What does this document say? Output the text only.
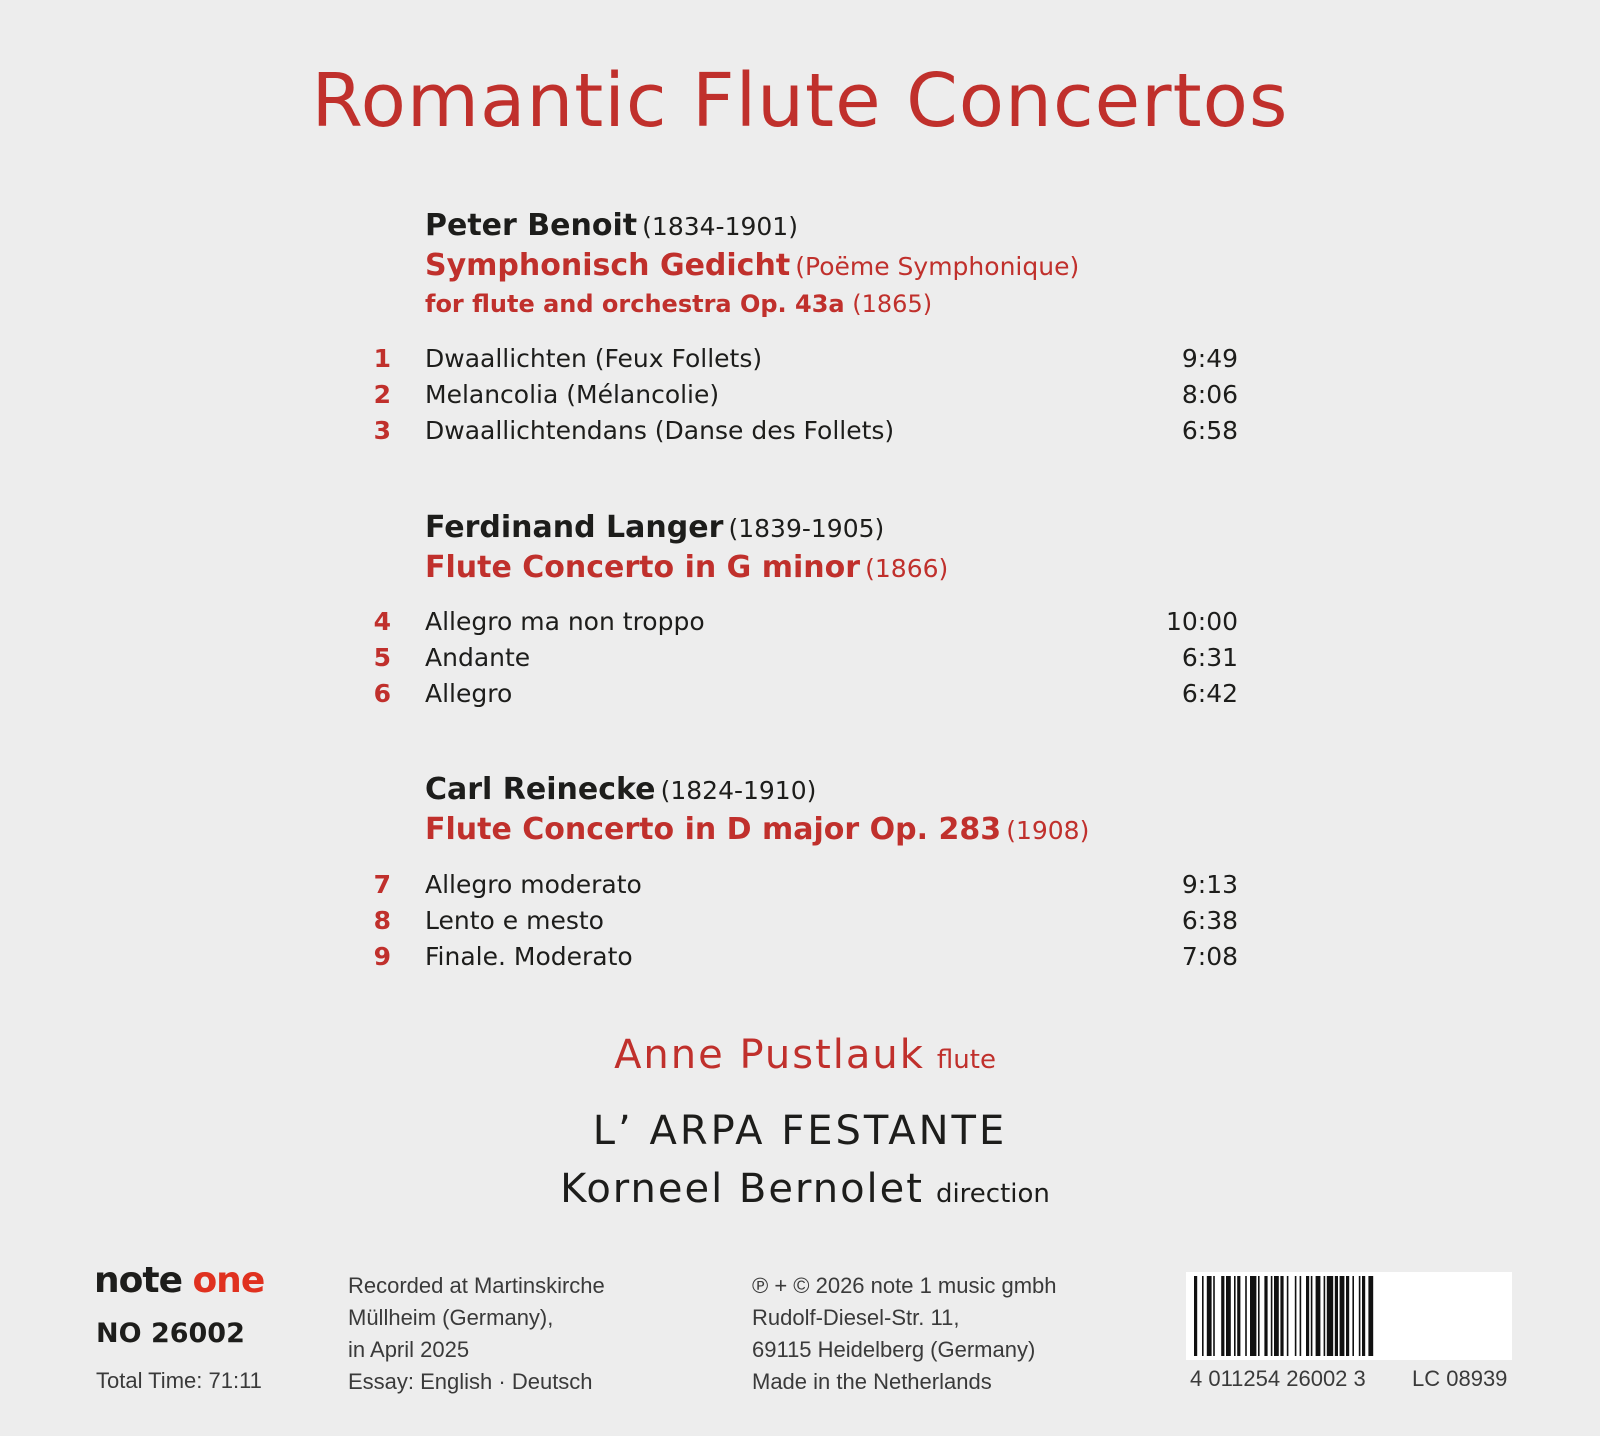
Romantic Flute Concertos
Peter Benoit (1834-1901)
Symphonisch Gedicht (Poëme Symphonique)
for flute and orchestra Op. 43a (1865)
1 Dwaallichten (Feux Follets)	9:49
2 Melancolia (Mélancolie)	8:06
3 Dwaallichtendans (Danse des Follets)	6:58
Ferdinand Langer (1839-1905)
Flute Concerto in G minor (1866)
4 Allegro ma non troppo	10:00
5 Andante	6:31
6 Allegro	6:42
Carl Reinecke (1824-1910)
Flute Concerto in D major Op. 283 (1908)
7 Allegro moderato	9:13
8 Lento e mesto	6:38
9 Finale. Moderato	7:08
Anne Pustlauk flute
L’ ARPA FESTANTE
Korneel Bernolet direction
note one
NO 26002
Total Time: 71:11
Recorded at Martinskirche
Müllheim (Germany),
in April 2025
Essay: English · Deutsch
℗ + © 2026 note 1 music gmbh
Rudolf-Diesel-Str. 11,
69115 Heidelberg (Germany)
Made in the Netherlands	4 011254 26002 3 LC 08939
